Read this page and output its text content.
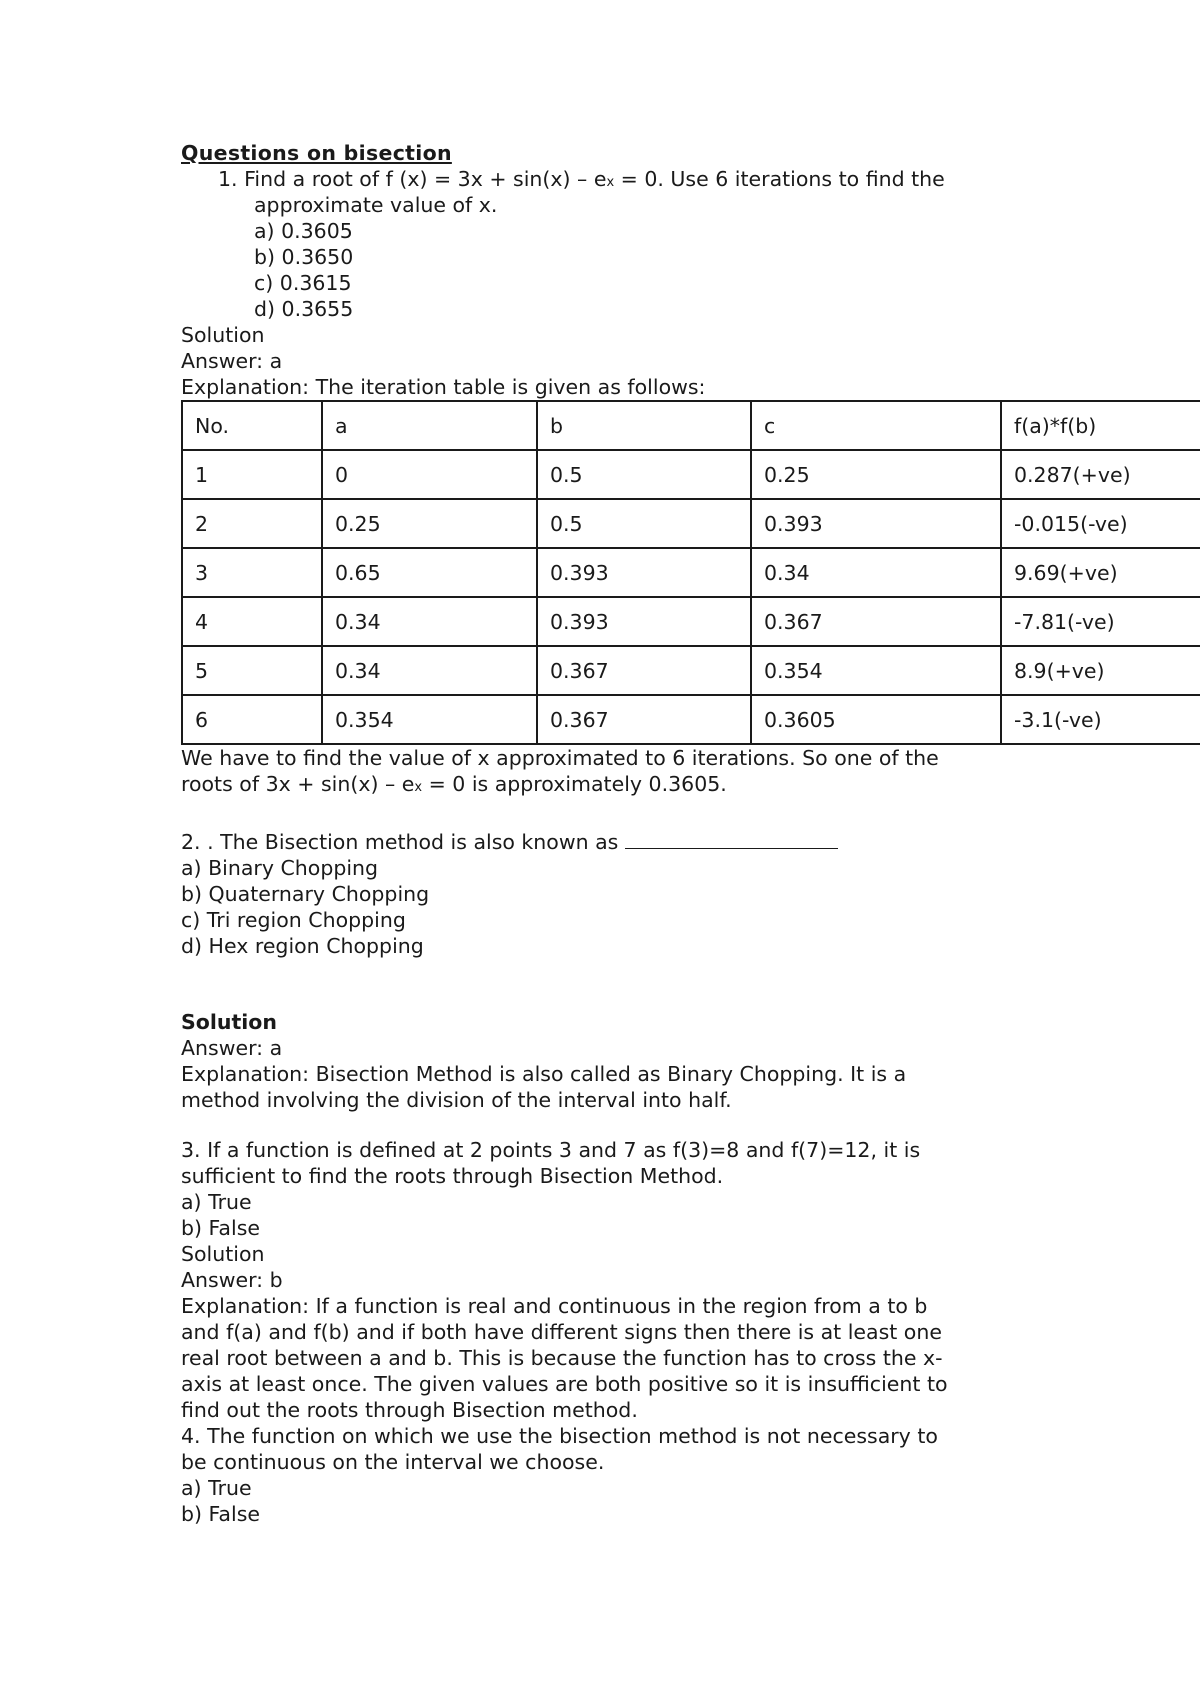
Questions on bisection
1. Find a root of f (x) = 3x + sin(x) – ex = 0. Use 6 iterations to find the
approximate value of x.
a) 0.3605
b) 0.3650
c) 0.3615
d) 0.3655
Solution
Answer: a
Explanation: The iteration table is given as follows:
No.	a	b	c	f(a)*f(b)
1	0	0.5	0.25	0.287(+ve)
2	0.25	0.5	0.393	-0.015(-ve)
3	0.65	0.393	0.34	9.69(+ve)
4	0.34	0.393	0.367	-7.81(-ve)
5	0.34	0.367	0.354	8.9(+ve)
6	0.354	0.367	0.3605	-3.1(-ve)
We have to find the value of x approximated to 6 iterations. So one of the
roots of 3x + sin(x) – ex = 0 is approximately 0.3605.
2. . The Bisection method is also known as
a) Binary Chopping
b) Quaternary Chopping
c) Tri region Chopping
d) Hex region Chopping
Solution
Answer: a
Explanation: Bisection Method is also called as Binary Chopping. It is a
method involving the division of the interval into half.
3. If a function is defined at 2 points 3 and 7 as f(3)=8 and f(7)=12, it is
sufficient to find the roots through Bisection Method.
a) True
b) False
Solution
Answer: b
Explanation: If a function is real and continuous in the region from a to b
and f(a) and f(b) and if both have different signs then there is at least one
real root between a and b. This is because the function has to cross the x-
axis at least once. The given values are both positive so it is insufficient to
find out the roots through Bisection method.
4. The function on which we use the bisection method is not necessary to
be continuous on the interval we choose.
a) True
b) False
